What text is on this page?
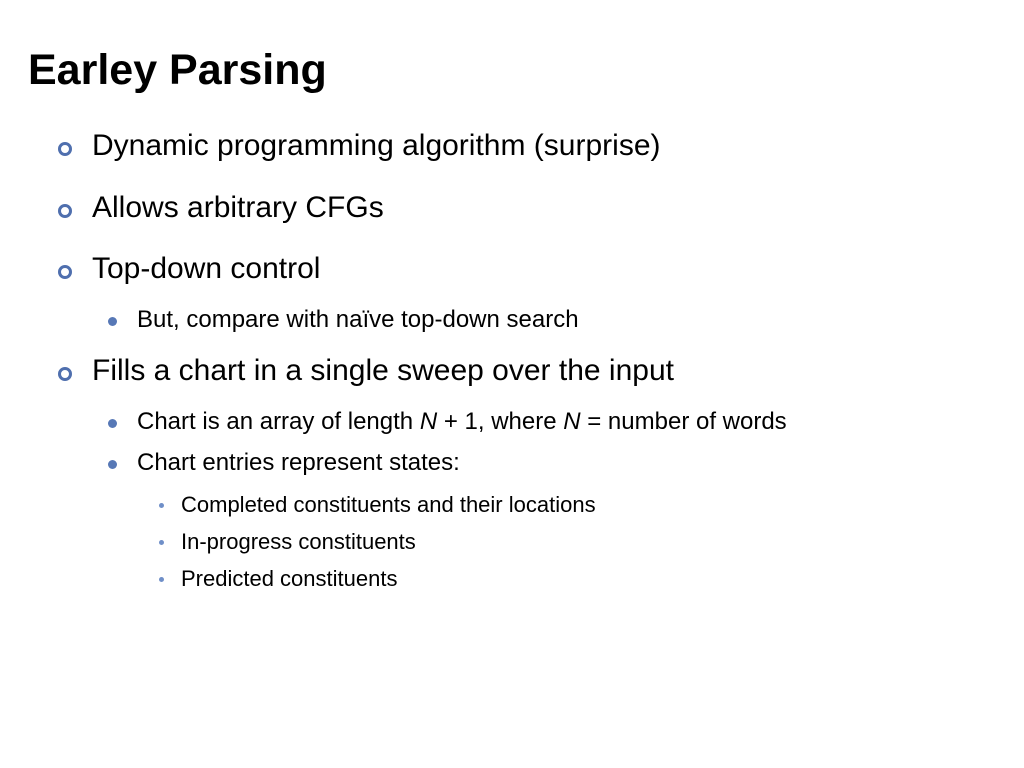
Earley Parsing
Dynamic programming algorithm (surprise)
Allows arbitrary CFGs
Top-down control
But, compare with naïve top-down search
Fills a chart in a single sweep over the input
Chart is an array of length N + 1, where N = number of words
Chart entries represent states:
Completed constituents and their locations
In-progress constituents
Predicted constituents
